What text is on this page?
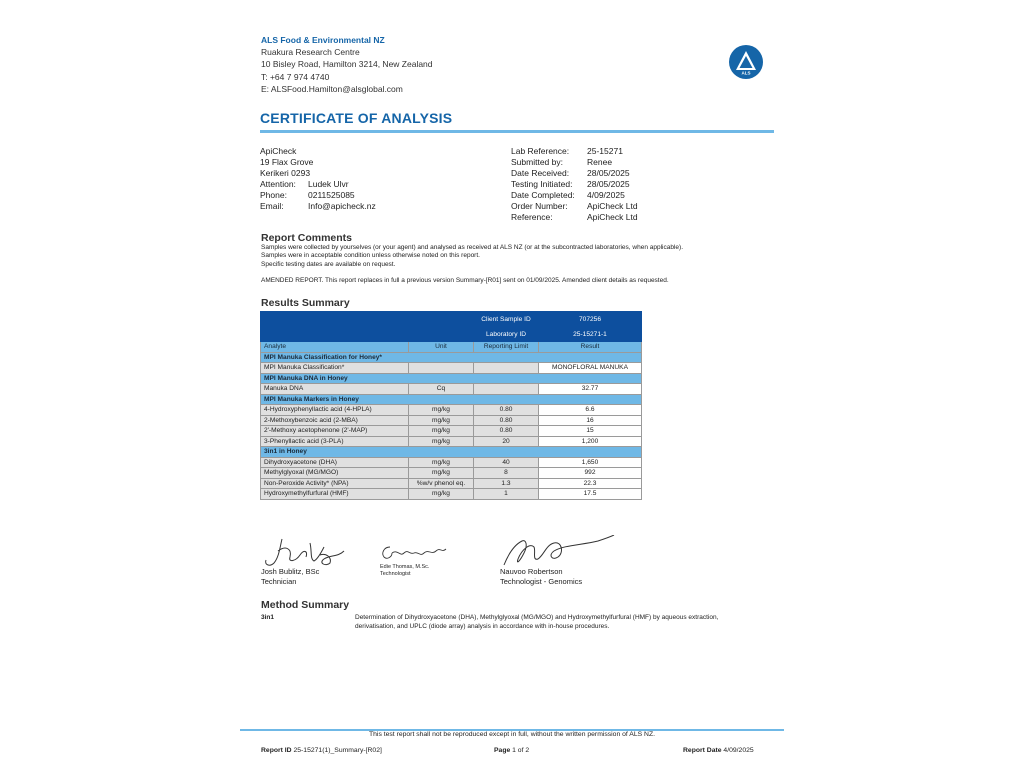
ALS Food & Environmental NZ
Ruakura Research Centre
10 Bisley Road, Hamilton 3214, New Zealand
T: +64 7 974 4740
E: ALSFood.Hamilton@alsglobal.com
ALS
CERTIFICATE OF ANALYSIS
ApiCheck
19 Flax Grove
Kerikeri 0293
Attention:	Ludek Ulvr
Phone:	0211525085
Email:	Info@apicheck.nz
Lab Reference:	25-15271
Submitted by:	Renee
Date Received:	28/05/2025
Testing Initiated:	28/05/2025
Date Completed:	4/09/2025
Order Number:	ApiCheck Ltd
Reference:	ApiCheck Ltd
Report Comments
Samples were collected by yourselves (or your agent) and analysed as received at ALS NZ (or at the subcontracted laboratories, when applicable).
Samples were in acceptable condition unless otherwise noted on this report.
Specific testing dates are available on request.
AMENDED REPORT. This report replaces in full a previous version Summary-[R01] sent on 01/09/2025. Amended client details as requested.
Results Summary
		Client Sample ID	707256
		Laboratory ID	25-15271-1
Analyte	Unit	Reporting Limit	Result
MPI Manuka Classification for Honey*			
MPI Manuka Classification*			MONOFLORAL MANUKA
MPI Manuka DNA in Honey			
Manuka DNA	Cq		32.77
MPI Manuka Markers in Honey			
4-Hydroxyphenyllactic acid (4-HPLA)	mg/kg	0.80	6.6
2-Methoxybenzoic acid (2-MBA)	mg/kg	0.80	16
2'-Methoxy acetophenone (2'-MAP)	mg/kg	0.80	15
3-Phenyllactic acid (3-PLA)	mg/kg	20	1,200
3in1 in Honey			
Dihydroxyacetone (DHA)	mg/kg	40	1,650
Methylglyoxal (MG/MGO)	mg/kg	8	992
Non-Peroxide Activity* (NPA)	%w/v phenol eq.	1.3	22.3
Hydroxymethylfurfural (HMF)	mg/kg	1	17.5
Josh Bublitz, BSc
Technician
Edie Thomas, M.Sc.
Technologist	Nauvoo Robertson
Technologist - Genomics
Method Summary
3in1	Determination of Dihydroxyacetone (DHA), Methylglyoxal (MG/MGO) and Hydroxymethylfurfural (HMF) by aqueous extraction, derivatisation, and UPLC (diode array) analysis in accordance with in-house procedures.
This test report shall not be reproduced except in full, without the written permission of ALS NZ.
Report ID 25-15271(1)_Summary-[R02]	Page 1 of 2	Report Date 4/09/2025
